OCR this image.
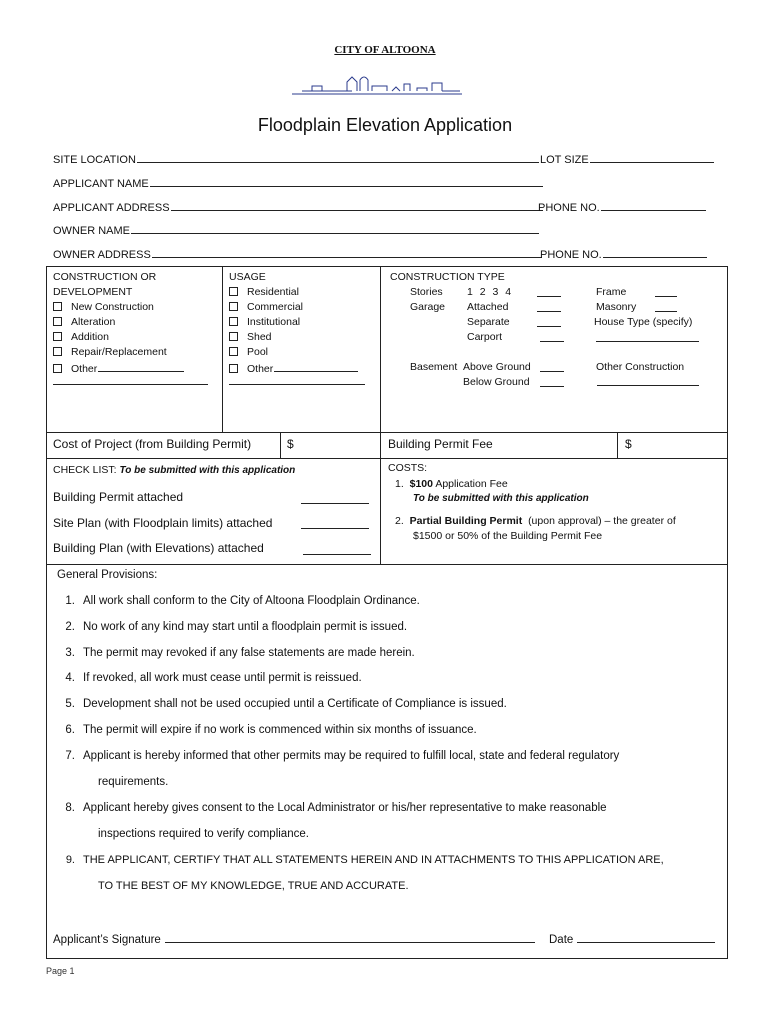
CITY OF ALTOONA
Floodplain Elevation Application
SITE LOCATION	LOT SIZE
APPLICANT NAME
APPLICANT ADDRESS	PHONE NO.
OWNER NAME
OWNER ADDRESS	PHONE NO.
CONSTRUCTION OR
DEVELOPMENT
New Construction
Alteration
Addition
Repair/Replacement
Other
USAGE
Residential
Commercial
Institutional
Shed
Pool
Other
CONSTRUCTION TYPE
Stories 1 2 3 4	Frame
Garage Attached	Masonry
Separate	House Type (specify)
Carport
Basement Above Ground	Other Construction
Below Ground
Cost of Project (from Building Permit)	$	Building Permit Fee	$
CHECK LIST: To be submitted with this application
Building Permit attached
Site Plan (with Floodplain limits) attached
Building Plan (with Elevations) attached
COSTS:
1. $100 Application Fee
To be submitted with this application
2. Partial Building Permit (upon approval) – the greater of
$1500 or 50% of the Building Permit Fee
General Provisions:
1. All work shall conform to the City of Altoona Floodplain Ordinance.
2. No work of any kind may start until a floodplain permit is issued.
3. The permit may revoked if any false statements are made herein.
4. If revoked, all work must cease until permit is reissued.
5. Development shall not be used occupied until a Certificate of Compliance is issued.
6. The permit will expire if no work is commenced within six months of issuance.
7. Applicant is hereby informed that other permits may be required to fulfill local, state and federal regulatory
requirements.
8. Applicant hereby gives consent to the Local Administrator or his/her representative to make reasonable
inspections required to verify compliance.
9. THE APPLICANT, CERTIFY THAT ALL STATEMENTS HEREIN AND IN ATTACHMENTS TO THIS APPLICATION ARE,
TO THE BEST OF MY KNOWLEDGE, TRUE AND ACCURATE.
Applicant’s Signature	Date
Page 1
